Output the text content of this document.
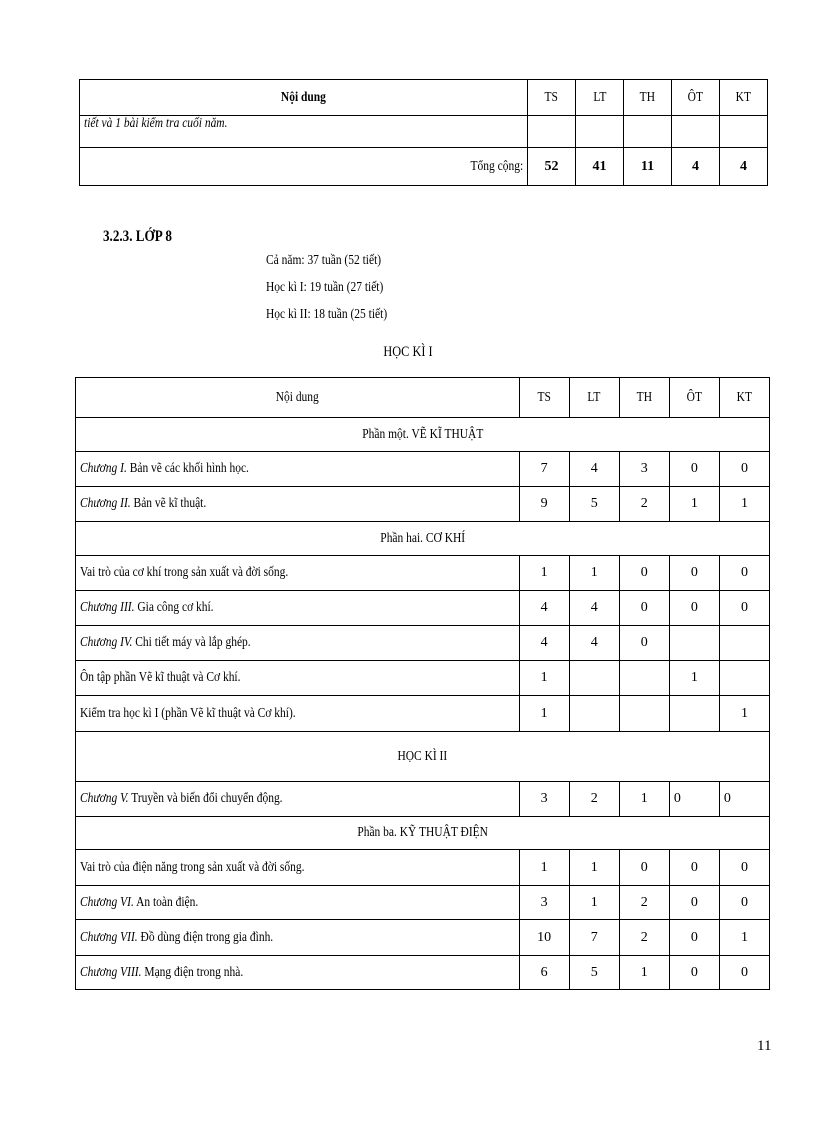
Nội dung	TS	LT	TH	ÔT	KT
tiết và 1 bài kiểm tra cuối năm.					
Tổng cộng:	52	41	11	4	4
3.2.3. LỚP 8
Cả năm: 37 tuần (52 tiết)
Học kì I: 19 tuần (27 tiết)
Học kì II: 18 tuần (25 tiết)
HỌC KÌ I
Nội dung	TS	LT	TH	ÔT	KT
Phần một. VẼ KĨ THUẬT					
Chương I. Bản vẽ các khối hình học.	7	4	3	0	0
Chương II. Bản vẽ kĩ thuật.	9	5	2	1	1
Phần hai. CƠ KHÍ					
Vai trò của cơ khí trong sản xuất và đời sống.	1	1	0	0	0
Chương III. Gia công cơ khí.	4	4	0	0	0
Chương IV. Chi tiết máy và lắp ghép.	4	4	0		
Ôn tập phần Vẽ kĩ thuật và Cơ khí.	1			1	
Kiểm tra học kì I (phần Vẽ kĩ thuật và Cơ khí).	1				1
HỌC KÌ II					
Chương V. Truyền và biến đổi chuyển động.	3	2	1	0	0
Phần ba. KỸ THUẬT ĐIỆN					
Vai trò của điện năng trong sản xuất và đời sống.	1	1	0	0	0
Chương VI. An toàn điện.	3	1	2	0	0
Chương VII. Đồ dùng điện trong gia đình.	10	7	2	0	1
Chương VIII. Mạng điện trong nhà.	6	5	1	0	0
11
